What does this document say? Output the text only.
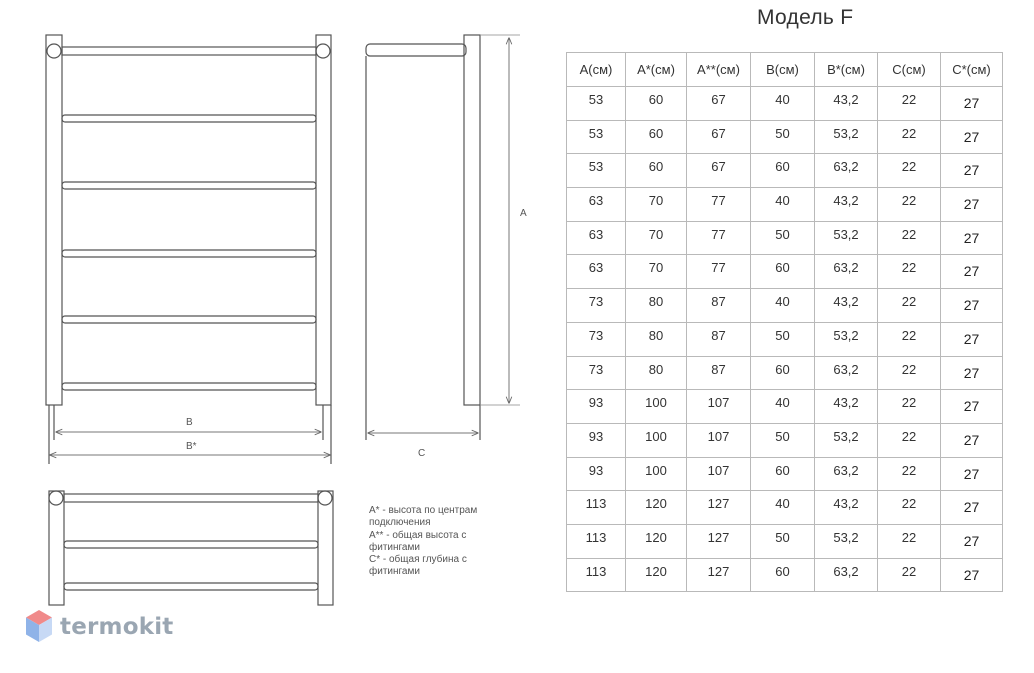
B
B*
A
C
Модель F
A(см)	A*(см)	A**(см)	B(см)	B*(см)	C(см)	C*(см)
53	60	67	40	43,2	22	27
53	60	67	50	53,2	22	27
53	60	67	60	63,2	22	27
63	70	77	40	43,2	22	27
63	70	77	50	53,2	22	27
63	70	77	60	63,2	22	27
73	80	87	40	43,2	22	27
73	80	87	50	53,2	22	27
73	80	87	60	63,2	22	27
93	100	107	40	43,2	22	27
93	100	107	50	53,2	22	27
93	100	107	60	63,2	22	27
113	120	127	40	43,2	22	27
113	120	127	50	53,2	22	27
113	120	127	60	63,2	22	27

A* - высота по центрам

подключения

A** - общая высота с

фитингами

C* - общая глубина с

фитингами

termokit
